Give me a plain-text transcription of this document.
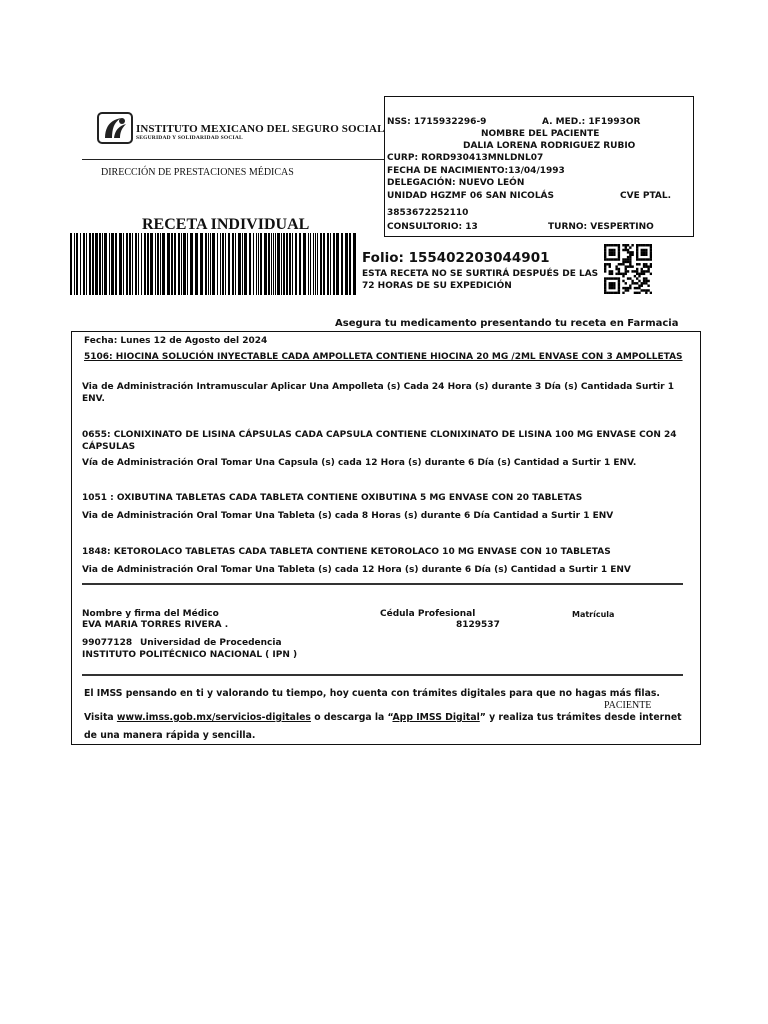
INSTITUTO MEXICANO DEL SEGURO SOCIAL
SEGURIDAD Y SOLIDARIDAD SOCIAL
DIRECCIÓN DE PRESTACIONES MÉDICAS
RECETA INDIVIDUAL
NSS: 1715932296-9	A. MED.: 1F1993OR
NOMBRE DEL PACIENTE
DALIA LORENA RODRIGUEZ RUBIO
CURP: RORD930413MNLDNL07
FECHA DE NACIMIENTO:13/04/1993
DELEGACIÓN: NUEVO LEÓN
UNIDAD HGZMF 06 SAN NICOLÁS	CVE PTAL.
3853672252110
CONSULTORIO: 13	TURNO: VESPERTINO
Folio: 155402203044901
ESTA RECETA NO SE SURTIRÁ DESPUÉS DE LAS 72 HORAS DE SU EXPEDICIÓN
Asegura tu medicamento presentando tu receta en Farmacia
Fecha: Lunes 12 de Agosto del 2024
5106: HIOCINA SOLUCIÓN INYECTABLE CADA AMPOLLETA CONTIENE HIOCINA 20 MG /2ML ENVASE CON 3 AMPOLLETAS
Via de Administración Intramuscular Aplicar Una Ampolleta (s) Cada 24 Hora (s) durante 3 Día (s) Cantidada Surtir 1 ENV.
0655: CLONIXINATO DE LISINA CÁPSULAS CADA CAPSULA CONTIENE CLONIXINATO DE LISINA 100 MG ENVASE CON 24 CÁPSULAS
Vía de Administración Oral Tomar Una Capsula (s) cada 12 Hora (s) durante 6 Día (s) Cantidad a Surtir 1 ENV.
1051 : OXIBUTINA TABLETAS CADA TABLETA CONTIENE OXIBUTINA 5 MG ENVASE CON 20 TABLETAS
Via de Administración Oral Tomar Una Tableta (s) cada 8 Horas (s) durante 6 Día Cantidad a Surtir 1 ENV
1848: KETOROLACO TABLETAS CADA TABLETA CONTIENE KETOROLACO 10 MG ENVASE CON 10 TABLETAS
Via de Administración Oral Tomar Una Tableta (s) cada 12 Hora (s) durante 6 Día (s) Cantidad a Surtir 1 ENV
Nombre y firma del Médico
EVA MARIA TORRES RIVERA .
Cédula Profesional
8129537
Matrícula
99077128 Universidad de Procedencia
INSTITUTO POLITÉCNICO NACIONAL ( IPN )
El IMSS pensando en ti y valorando tu tiempo, hoy cuenta con trámites digitales para que no hagas más filas.
PACIENTE
Visita www.imss.gob.mx/servicios-digitales o descarga la “App IMSS Digital” y realiza tus trámites desde internet
de una manera rápida y sencilla.
